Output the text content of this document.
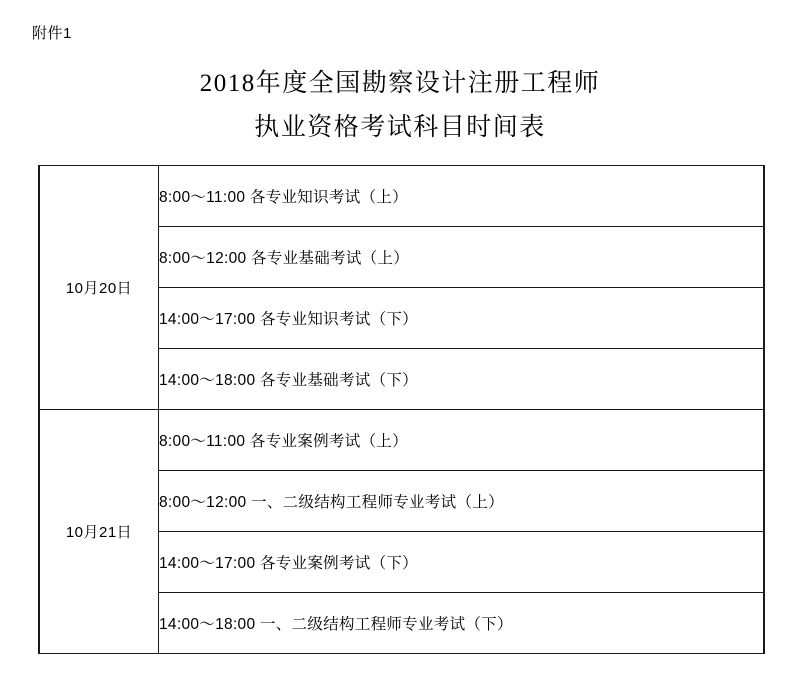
附件1
2018年度全国勘察设计注册工程师
执业资格考试科目时间表
10月20日	8:00～11:00 各专业知识考试（上）

	8:00～12:00 各专业基础考试（上）

	14:00～17:00 各专业知识考试（下）

	14:00～18:00 各专业基础考试（下）

10月21日	8:00～11:00 各专业案例考试（上）

	8:00～12:00 一、二级结构工程师专业考试（上）

	14:00～17:00 各专业案例考试（下）

	14:00～18:00 一、二级结构工程师专业考试（下）
